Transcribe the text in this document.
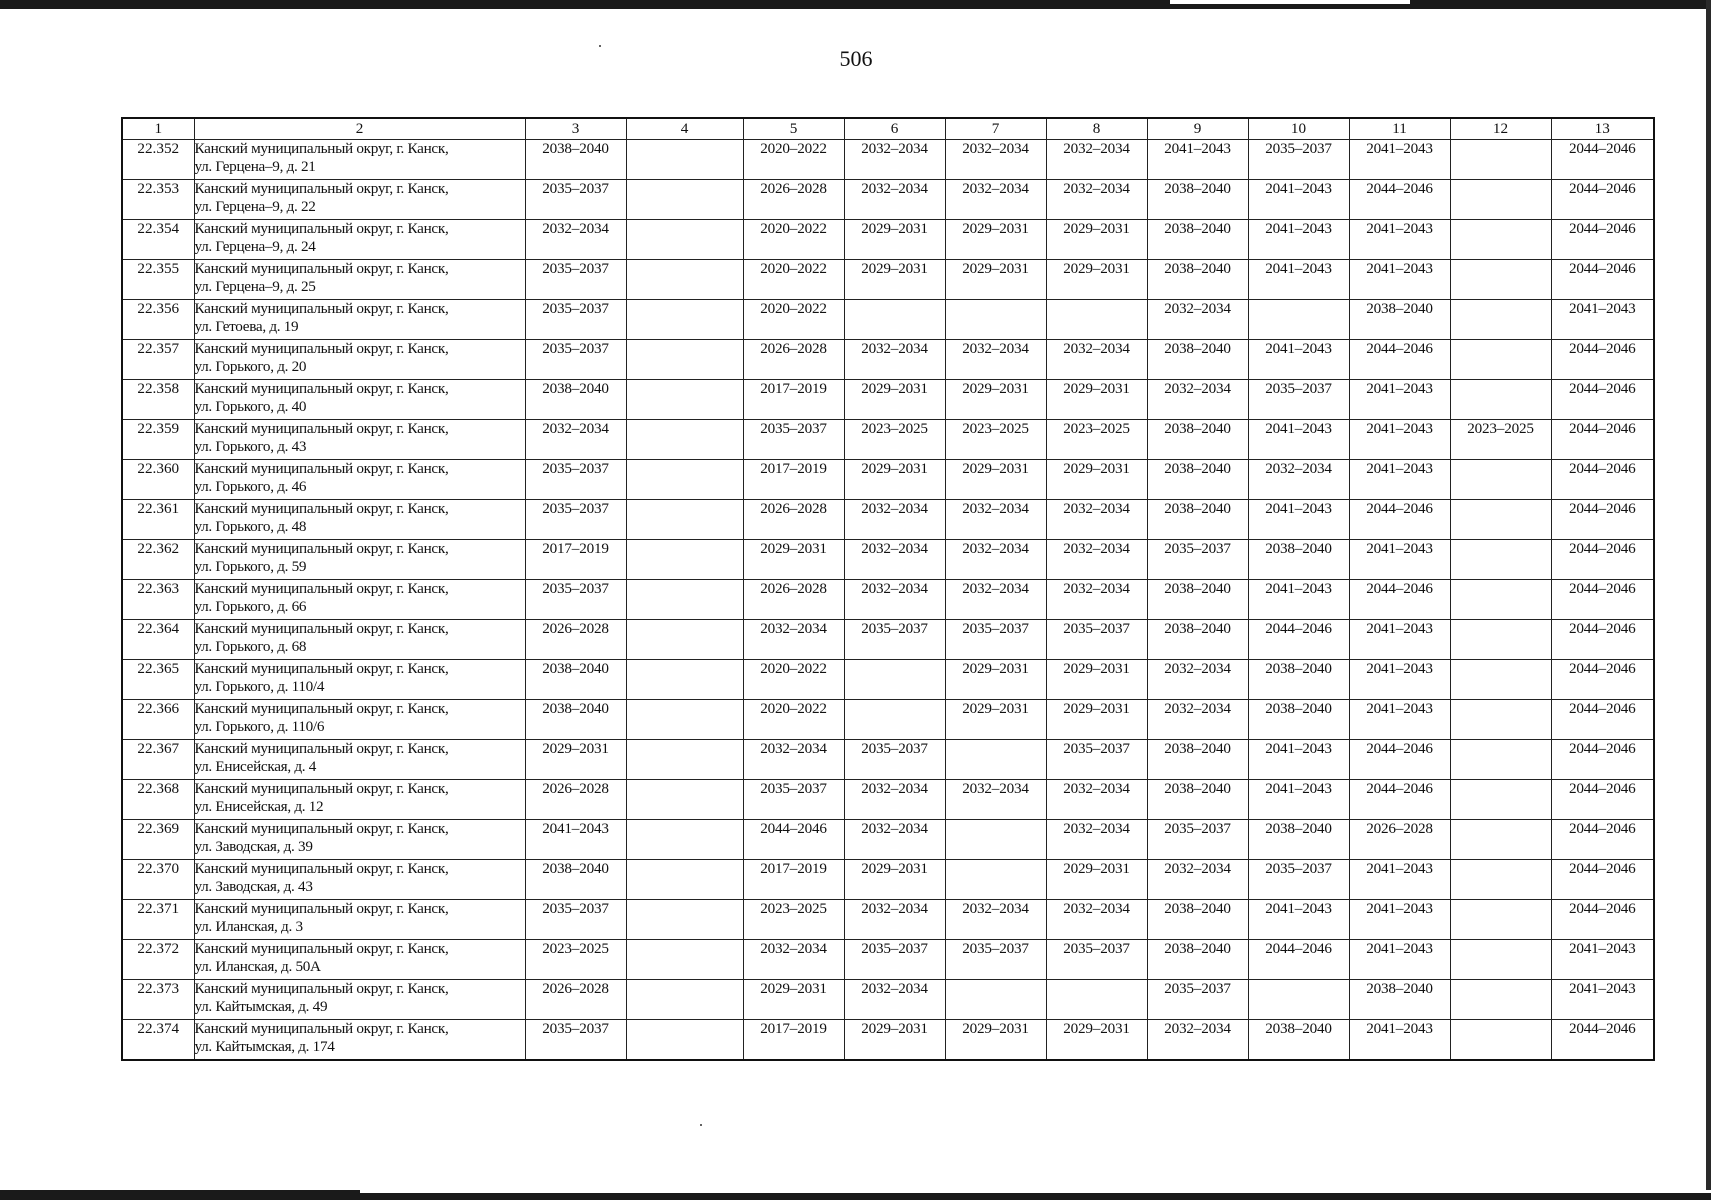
506
1	2	3	4	5	6	7	8	9	10	11	12	13
22.352	Канский муниципальный округ, г. Канск,
ул. Герцена–9, д. 21	2038–2040		2020–2022	2032–2034	2032–2034	2032–2034	2041–2043	2035–2037	2041–2043		2044–2046
22.353	Канский муниципальный округ, г. Канск,
ул. Герцена–9, д. 22	2035–2037		2026–2028	2032–2034	2032–2034	2032–2034	2038–2040	2041–2043	2044–2046		2044–2046
22.354	Канский муниципальный округ, г. Канск,
ул. Герцена–9, д. 24	2032–2034		2020–2022	2029–2031	2029–2031	2029–2031	2038–2040	2041–2043	2041–2043		2044–2046
22.355	Канский муниципальный округ, г. Канск,
ул. Герцена–9, д. 25	2035–2037		2020–2022	2029–2031	2029–2031	2029–2031	2038–2040	2041–2043	2041–2043		2044–2046
22.356	Канский муниципальный округ, г. Канск,
ул. Гетоева, д. 19	2035–2037		2020–2022				2032–2034		2038–2040		2041–2043
22.357	Канский муниципальный округ, г. Канск,
ул. Горького, д. 20	2035–2037		2026–2028	2032–2034	2032–2034	2032–2034	2038–2040	2041–2043	2044–2046		2044–2046
22.358	Канский муниципальный округ, г. Канск,
ул. Горького, д. 40	2038–2040		2017–2019	2029–2031	2029–2031	2029–2031	2032–2034	2035–2037	2041–2043		2044–2046
22.359	Канский муниципальный округ, г. Канск,
ул. Горького, д. 43	2032–2034		2035–2037	2023–2025	2023–2025	2023–2025	2038–2040	2041–2043	2041–2043	2023–2025	2044–2046
22.360	Канский муниципальный округ, г. Канск,
ул. Горького, д. 46	2035–2037		2017–2019	2029–2031	2029–2031	2029–2031	2038–2040	2032–2034	2041–2043		2044–2046
22.361	Канский муниципальный округ, г. Канск,
ул. Горького, д. 48	2035–2037		2026–2028	2032–2034	2032–2034	2032–2034	2038–2040	2041–2043	2044–2046		2044–2046
22.362	Канский муниципальный округ, г. Канск,
ул. Горького, д. 59	2017–2019		2029–2031	2032–2034	2032–2034	2032–2034	2035–2037	2038–2040	2041–2043		2044–2046
22.363	Канский муниципальный округ, г. Канск,
ул. Горького, д. 66	2035–2037		2026–2028	2032–2034	2032–2034	2032–2034	2038–2040	2041–2043	2044–2046		2044–2046
22.364	Канский муниципальный округ, г. Канск,
ул. Горького, д. 68	2026–2028		2032–2034	2035–2037	2035–2037	2035–2037	2038–2040	2044–2046	2041–2043		2044–2046
22.365	Канский муниципальный округ, г. Канск,
ул. Горького, д. 110/4	2038–2040		2020–2022		2029–2031	2029–2031	2032–2034	2038–2040	2041–2043		2044–2046
22.366	Канский муниципальный округ, г. Канск,
ул. Горького, д. 110/6	2038–2040		2020–2022		2029–2031	2029–2031	2032–2034	2038–2040	2041–2043		2044–2046
22.367	Канский муниципальный округ, г. Канск,
ул. Енисейская, д. 4	2029–2031		2032–2034	2035–2037		2035–2037	2038–2040	2041–2043	2044–2046		2044–2046
22.368	Канский муниципальный округ, г. Канск,
ул. Енисейская, д. 12	2026–2028		2035–2037	2032–2034	2032–2034	2032–2034	2038–2040	2041–2043	2044–2046		2044–2046
22.369	Канский муниципальный округ, г. Канск,
ул. Заводская, д. 39	2041–2043		2044–2046	2032–2034		2032–2034	2035–2037	2038–2040	2026–2028		2044–2046
22.370	Канский муниципальный округ, г. Канск,
ул. Заводская, д. 43	2038–2040		2017–2019	2029–2031		2029–2031	2032–2034	2035–2037	2041–2043		2044–2046
22.371	Канский муниципальный округ, г. Канск,
ул. Иланская, д. 3	2035–2037		2023–2025	2032–2034	2032–2034	2032–2034	2038–2040	2041–2043	2041–2043		2044–2046
22.372	Канский муниципальный округ, г. Канск,
ул. Иланская, д. 50А	2023–2025		2032–2034	2035–2037	2035–2037	2035–2037	2038–2040	2044–2046	2041–2043		2041–2043
22.373	Канский муниципальный округ, г. Канск,
ул. Кайтымская, д. 49	2026–2028		2029–2031	2032–2034			2035–2037		2038–2040		2041–2043
22.374	Канский муниципальный округ, г. Канск,
ул. Кайтымская, д. 174	2035–2037		2017–2019	2029–2031	2029–2031	2029–2031	2032–2034	2038–2040	2041–2043		2044–2046
